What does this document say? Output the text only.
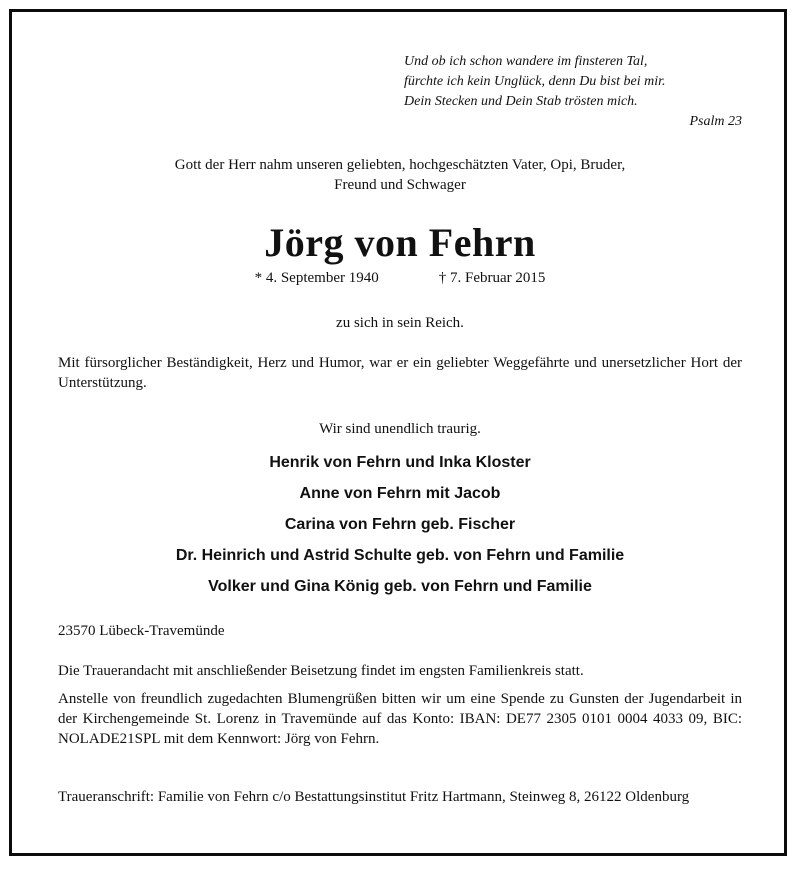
Und ob ich schon wandere im finsteren Tal,
fürchte ich kein Unglück, denn Du bist bei mir.
Dein Stecken und Dein Stab trösten mich.
Psalm 23
Gott der Herr nahm unseren geliebten, hochgeschätzten Vater, Opi, Bruder,
Freund und Schwager
Jörg von Fehrn
* 4. September 1940	† 7. Februar 2015
zu sich in sein Reich.
Mit fürsorglicher Beständigkeit, Herz und Humor, war er ein geliebter Weggefährte und unersetzlicher Hort der Unterstützung.
Wir sind unendlich traurig.
Henrik von Fehrn und Inka Kloster
Anne von Fehrn mit Jacob
Carina von Fehrn geb. Fischer
Dr. Heinrich und Astrid Schulte geb. von Fehrn und Familie
Volker und Gina König geb. von Fehrn und Familie
23570 Lübeck-Travemünde
Die Trauerandacht mit anschließender Beisetzung findet im engsten Familienkreis statt.
Anstelle von freundlich zugedachten Blumengrüßen bitten wir um eine Spende zu Gunsten der Jugendarbeit in der Kirchengemeinde St. Lorenz in Travemünde auf das Konto: IBAN: DE77 2305 0101 0004 4033 09, BIC: NOLADE21SPL mit dem Kennwort: Jörg von Fehrn.
Traueranschrift: Familie von Fehrn c/o Bestattungsinstitut Fritz Hartmann, Steinweg 8, 26122 Oldenburg
